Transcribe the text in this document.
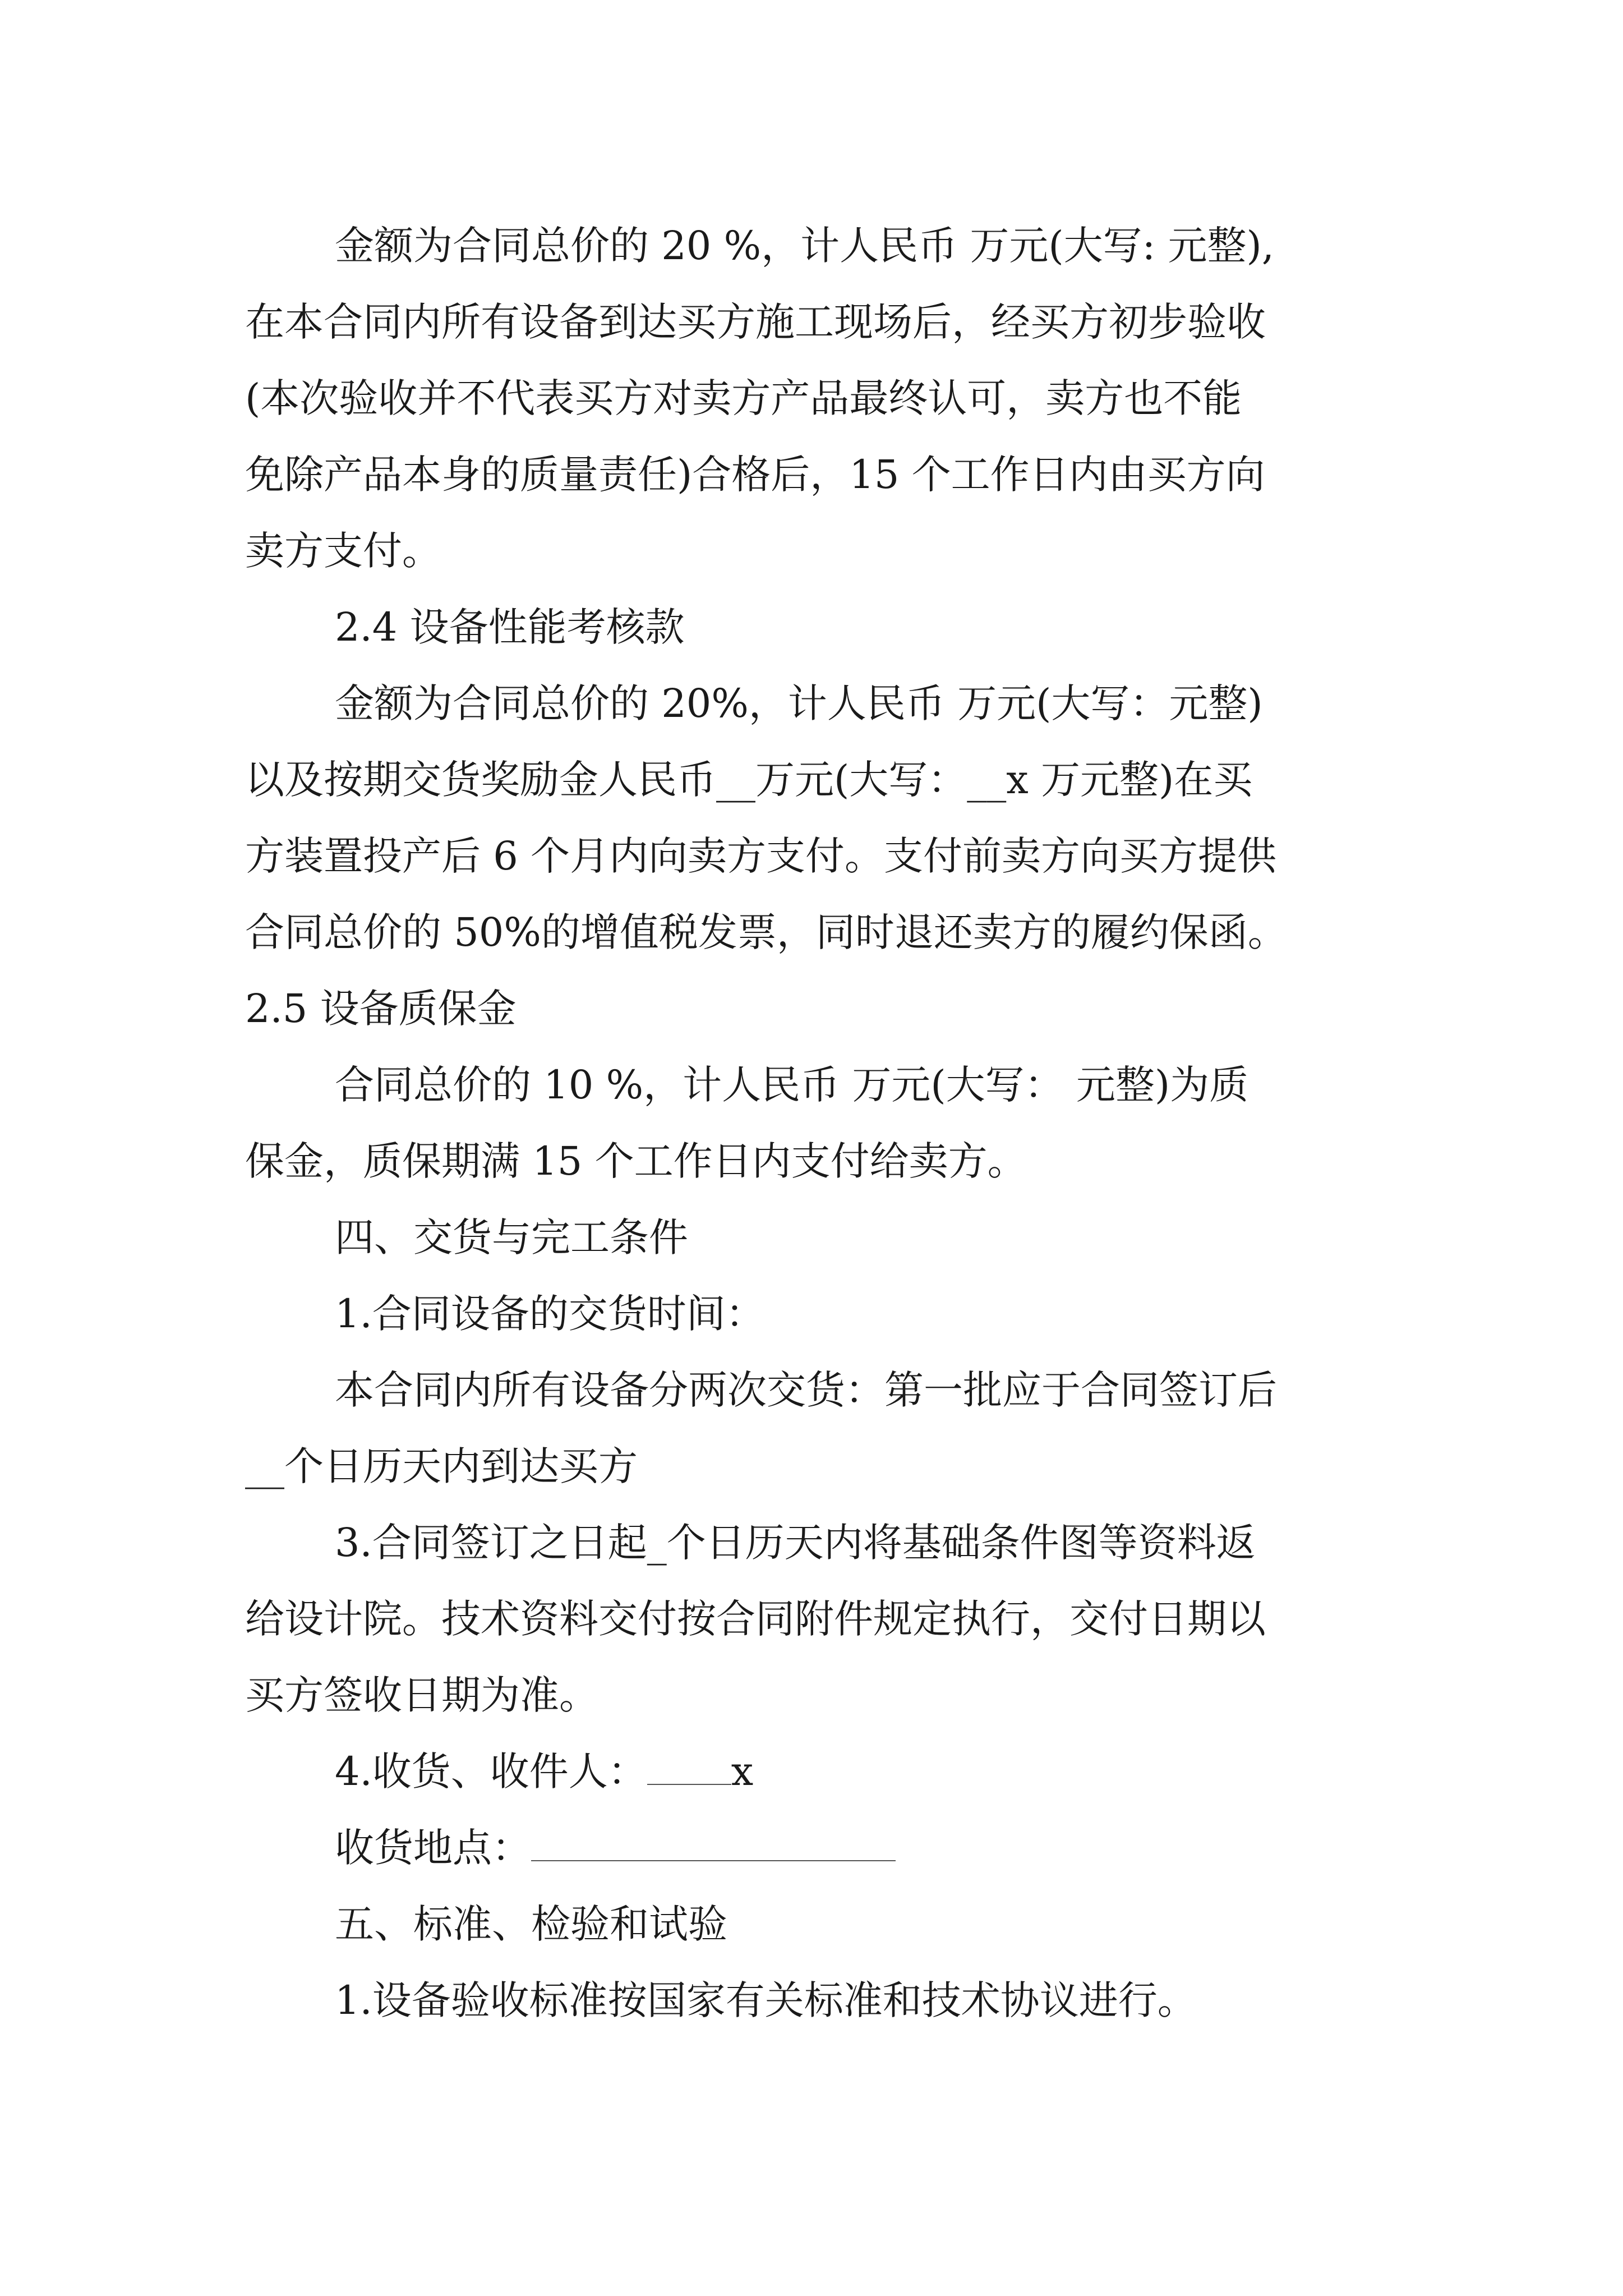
金额为合同总价的 20 %，计人民币 万元(大写: 元整),
在本合同内所有设备到达买方施工现场后，经买方初步验收
(本次验收并不代表买方对卖方产品最终认可，卖方也不能
免除产品本身的质量责任)合格后，15 个工作日内由买方向
卖方支付。
2.4 设备性能考核款
金额为合同总价的 20%，计人民币 万元(大写：元整)
以及按期交货奖励金人民币__万元(大写：__x 万元整)在买
方装置投产后 6 个月内向卖方支付。支付前卖方向买方提供
合同总价的 50%的增值税发票，同时退还卖方的履约保函。
2.5 设备质保金
合同总价的 10 %，计人民币 万元(大写： 元整)为质
保金，质保期满 15 个工作日内支付给卖方。
四、交货与完工条件
1.合同设备的交货时间：
本合同内所有设备分两次交货：第一批应于合同签订后
__个日历天内到达买方
3.合同签订之日起_个日历天内将基础条件图等资料返
给设计院。技术资料交付按合同附件规定执行，交付日期以
买方签收日期为准。
4.收货、收件人： x
收货地点：
五、标准、检验和试验
1.设备验收标准按国家有关标准和技术协议进行。
